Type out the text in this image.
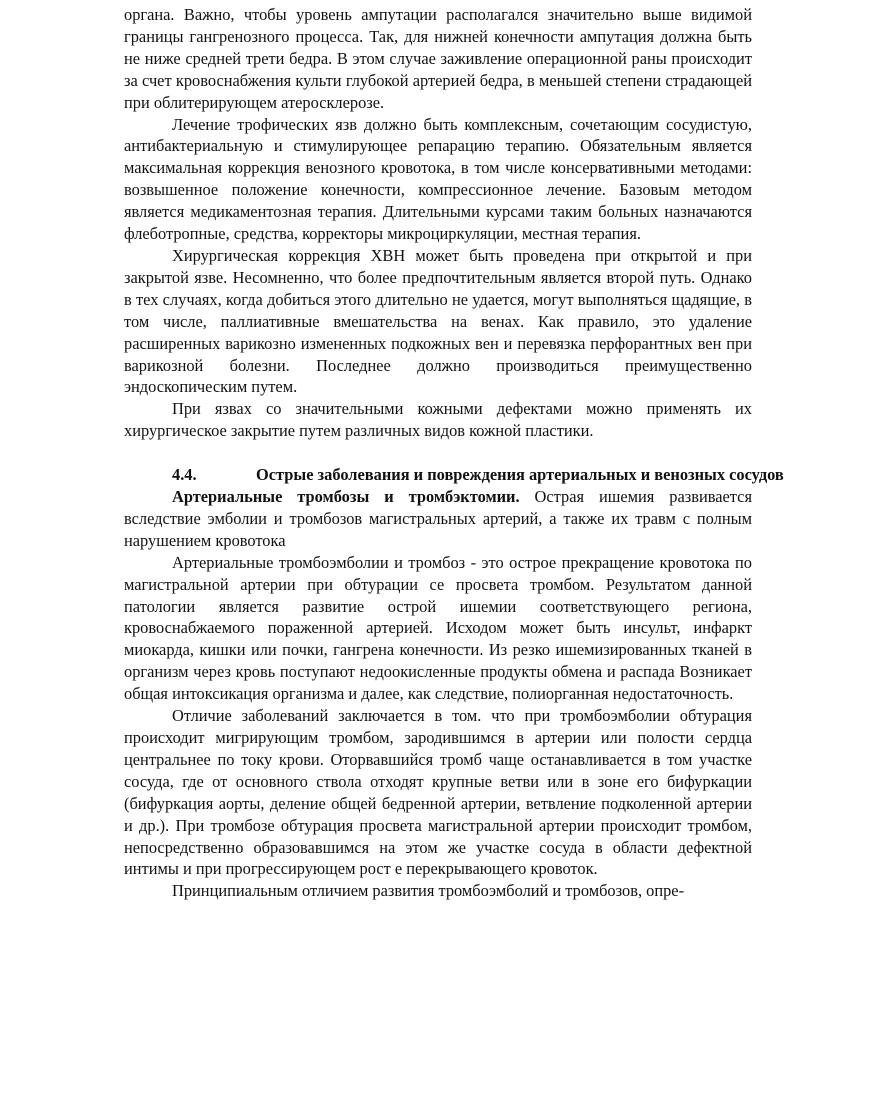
органа. Важно, чтобы уровень ампутации располагался значительно выше видимой границы гангренозного процесса. Так, для нижней конечности ампутация должна быть не ниже средней трети бедра. В этом случае заживление операционной раны происходит за счет кровоснабжения культи глубокой артерией бедра, в меньшей степени страдающей при облитерирующем атеросклерозе.

Лечение трофических язв должно быть комплексным, сочетающим сосудистую, антибактериальную и стимулирующее репарацию терапию. Обязательным является максимальная коррекция венозного кровотока, в том числе консервативными методами: возвышенное положение конечности, компрессионное лечение. Базовым методом является медикаментозная терапия. Длительными курсами таким больных назначаются флеботропные, средства, корректоры микроциркуляции, местная терапия.

Хирургическая коррекция ХВН может быть проведена при открытой и при закрытой язве. Несомненно, что более предпочтительным является второй путь. Однако в тех случаях, когда добиться этого длительно не удается, могут выполняться щадящие, в том числе, паллиативные вмешательства на венах. Как правило, это удаление расширенных варикозно измененных подкожных вен и перевязка перфорантных вен при варикозной болезни. Последнее должно производиться преимущественно эндоскопическим путем.

При язвах со значительными кожными дефектами можно применять их хирургическое закрытие путем различных видов кожной пластики.

4.4.	Острые заболевания и повреждения артериальных и венозных сосудов

Артериальные тромбозы и тромбэктомии. Острая ишемия развивается вследствие эмболии и тромбозов магистральных артерий, а также их травм с полным нарушением кровотока

Артериальные тромбоэмболии и тромбоз - это острое прекращение кровотока по магистральной артерии при обтурации се просвета тромбом. Результатом данной патологии является развитие острой ишемии соответствующего региона, кровоснабжаемого пораженной артерией. Исходом может быть инсульт, инфаркт миокарда, кишки или почки, гангрена конечности. Из резко ишемизированных тканей в организм через кровь поступают недоокисленные продукты обмена и распада Возникает общая интоксикация организма и далее, как следствие, полиорганная недостаточность.

Отличие заболеваний заключается в том. что при тромбоэмболии обтурация происходит мигрирующим тромбом, зародившимся в артерии или полости сердца центральнее по току крови. Оторвавшийся тромб чаще останавливается в том участке сосуда, где от основного ствола отходят крупные ветви или в зоне его бифуркации (бифуркация аорты, деление общей бедренной артерии, ветвление подколенной артерии и др.). При тромбозе обтурация просвета магистральной артерии происходит тромбом, непосредственно образовавшимся на этом же участке сосуда в области дефектной интимы и при прогрессирующем рост е перекрывающего кровоток.

Принципиальным отличием развития тромбоэмболий и тромбозов, опре-
